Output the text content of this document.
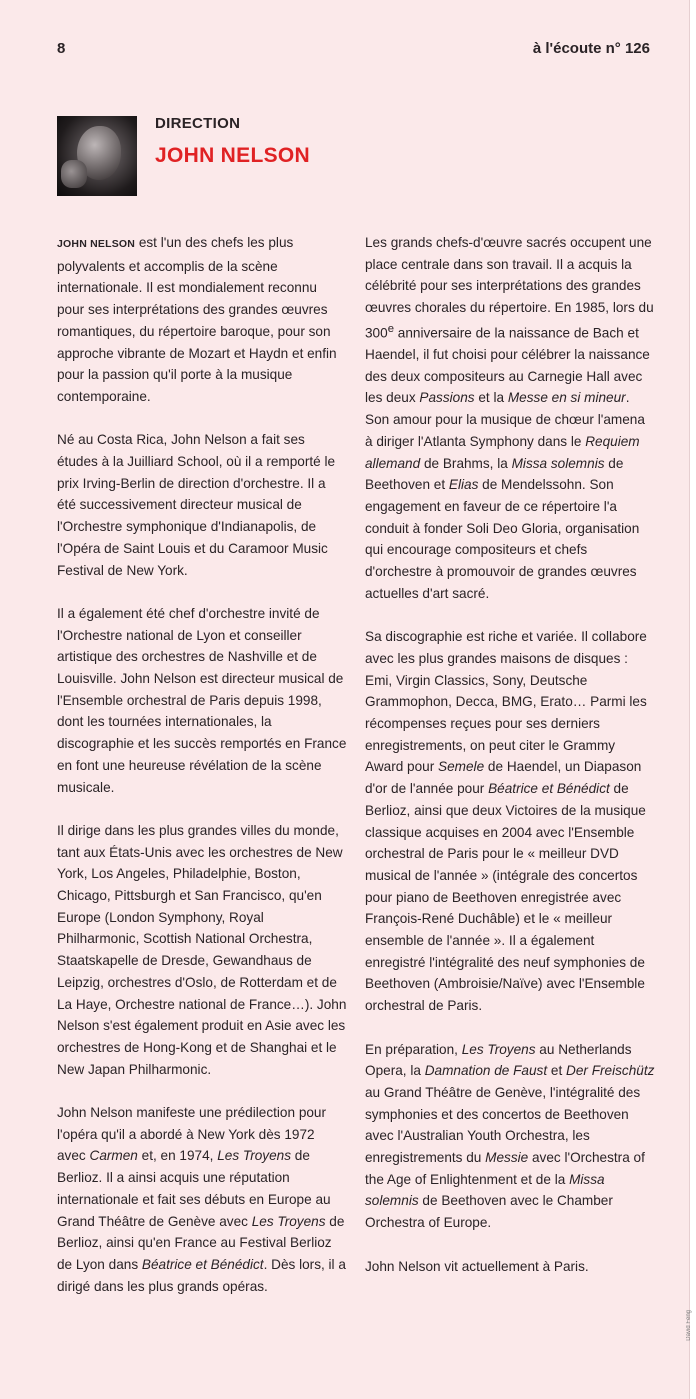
8	à l'écoute n° 126
DIRECTION
JOHN NELSON

JOHN NELSON est l'un des chefs les plus polyvalents et accomplis de la scène internationale. Il est mondialement reconnu pour ses interprétations des grandes œuvres romantiques, du répertoire baroque, pour son approche vibrante de Mozart et Haydn et enfin pour la passion qu'il porte à la musique contemporaine.

Né au Costa Rica, John Nelson a fait ses études à la Juilliard School, où il a remporté le prix Irving-Berlin de direction d'orchestre. Il a été successivement directeur musical de l'Orchestre symphonique d'Indianapolis, de l'Opéra de Saint Louis et du Caramoor Music Festival de New York.

Il a également été chef d'orchestre invité de l'Orchestre national de Lyon et conseiller artistique des orchestres de Nashville et de Louisville. John Nelson est directeur musical de l'Ensemble orchestral de Paris depuis 1998, dont les tournées internationales, la discographie et les succès remportés en France en font une heureuse révélation de la scène musicale.

Il dirige dans les plus grandes villes du monde, tant aux États-Unis avec les orchestres de New York, Los Angeles, Philadelphie, Boston, Chicago, Pittsburgh et San Francisco, qu'en Europe (London Symphony, Royal Philharmonic, Scottish National Orchestra, Staatskapelle de Dresde, Gewandhaus de Leipzig, orchestres d'Oslo, de Rotterdam et de La Haye, Orchestre national de France…). John Nelson s'est également produit en Asie avec les orchestres de Hong-Kong et de Shanghai et le New Japan Philharmonic.

John Nelson manifeste une prédilection pour l'opéra qu'il a abordé à New York dès 1972 avec Carmen et, en 1974, Les Troyens de Berlioz. Il a ainsi acquis une réputation internationale et fait ses débuts en Europe au Grand Théâtre de Genève avec Les Troyens de Berlioz, ainsi qu'en France au Festival Berlioz de Lyon dans Béatrice et Bénédict. Dès lors, il a dirigé dans les plus grands opéras.

Les grands chefs-d'œuvre sacrés occupent une place centrale dans son travail. Il a acquis la célébrité pour ses interprétations des grandes œuvres chorales du répertoire. En 1985, lors du 300e anniversaire de la naissance de Bach et Haendel, il fut choisi pour célébrer la naissance des deux compositeurs au Carnegie Hall avec les deux Passions et la Messe en si mineur. Son amour pour la musique de chœur l'amena à diriger l'Atlanta Symphony dans le Requiem allemand de Brahms, la Missa solemnis de Beethoven et Elias de Mendelssohn. Son engagement en faveur de ce répertoire l'a conduit à fonder Soli Deo Gloria, organisation qui encourage compositeurs et chefs d'orchestre à promouvoir de grandes œuvres actuelles d'art sacré.

Sa discographie est riche et variée. Il collabore avec les plus grandes maisons de disques : Emi, Virgin Classics, Sony, Deutsche Grammophon, Decca, BMG, Erato… Parmi les récompenses reçues pour ses derniers enregistrements, on peut citer le Grammy Award pour Semele de Haendel, un Diapason d'or de l'année pour Béatrice et Bénédict de Berlioz, ainsi que deux Victoires de la musique classique acquises en 2004 avec l'Ensemble orchestral de Paris pour le « meilleur DVD musical de l'année » (intégrale des concertos pour piano de Beethoven enregistrée avec François-René Duchâble) et le « meilleur ensemble de l'année ». Il a également enregistré l'intégralité des neuf symphonies de Beethoven (Ambroisie/Naïve) avec l'Ensemble orchestral de Paris.

En préparation, Les Troyens au Netherlands Opera, la Damnation de Faust et Der Freischütz au Grand Théâtre de Genève, l'intégralité des symphonies et des concertos de Beethoven avec l'Australian Youth Orchestra, les enregistrements du Messie avec l'Orchestra of the Age of Enlightenment et de la Missa solemnis de Beethoven avec le Chamber Orchestra of Europe.

John Nelson vit actuellement à Paris.

David Feng
